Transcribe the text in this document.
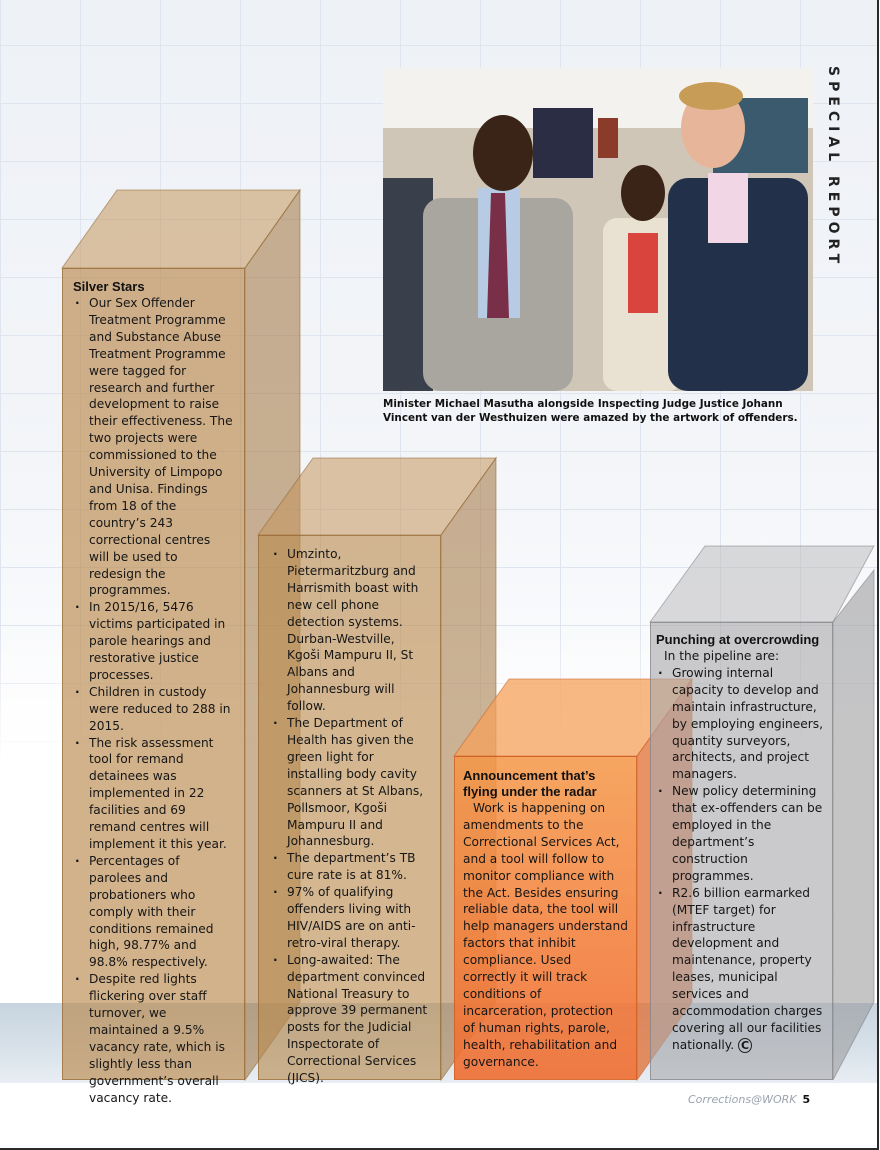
SPECIAL REPORT
Minister Michael Masutha alongside Inspecting Judge Justice Johann Vincent van der Westhuizen were amazed by the artwork of offenders.
Silver Stars
· Our Sex Offender Treatment Programme and Substance Abuse Treatment Programme were tagged for research and further development to raise their effectiveness. The two projects were commissioned to the University of Limpopo and Unisa. Findings from 18 of the country’s 243 correctional centres will be used to redesign the programmes.
· In 2015/16, 5476 victims participated in parole hearings and restorative justice processes.
· Children in custody were reduced to 288 in 2015.
· The risk assessment tool for remand detainees was implemented in 22 facilities and 69 remand centres will implement it this year.
· Percentages of parolees and probationers who comply with their conditions remained high, 98.77% and 98.8% respectively.
· Despite red lights flickering over staff turnover, we maintained a 9.5% vacancy rate, which is slightly less than government’s overall vacancy rate.
· Umzinto, Pietermaritzburg and Harrismith boast with new cell phone detection systems. Durban-Westville, Kgoši Mampuru II, St Albans and Johannesburg will follow.
· The Department of Health has given the green light for installing body cavity scanners at St Albans, Pollsmoor, Kgoši Mampuru II and Johannesburg.
· The department’s TB cure rate is at 81%.
· 97% of qualifying offenders living with HIV/AIDS are on anti-retro-viral therapy.
· Long-awaited: The department convinced National Treasury to approve 39 permanent posts for the Judicial Inspectorate of Correctional Services (JICS).
Announcement that’s flying under the radar

Work is happening on amendments to the Correctional Services Act, and a tool will follow to monitor compliance with the Act. Besides ensuring reliable data, the tool will help managers understand factors that inhibit compliance. Used correctly it will track conditions of incarceration, protection of human rights, parole, health, rehabilitation and governance.

Punching at overcrowding

In the pipeline are:

· Growing internal capacity to develop and maintain infrastructure, by employing engineers, quantity surveyors, architects, and project managers.
· New policy determining that ex-offenders can be employed in the department’s construction programmes.
· R2.6 billion earmarked (MTEF target) for infrastructure development and maintenance, property leases, municipal services and accommodation charges covering all our facilities nationally. C
Corrections@WORK 5
